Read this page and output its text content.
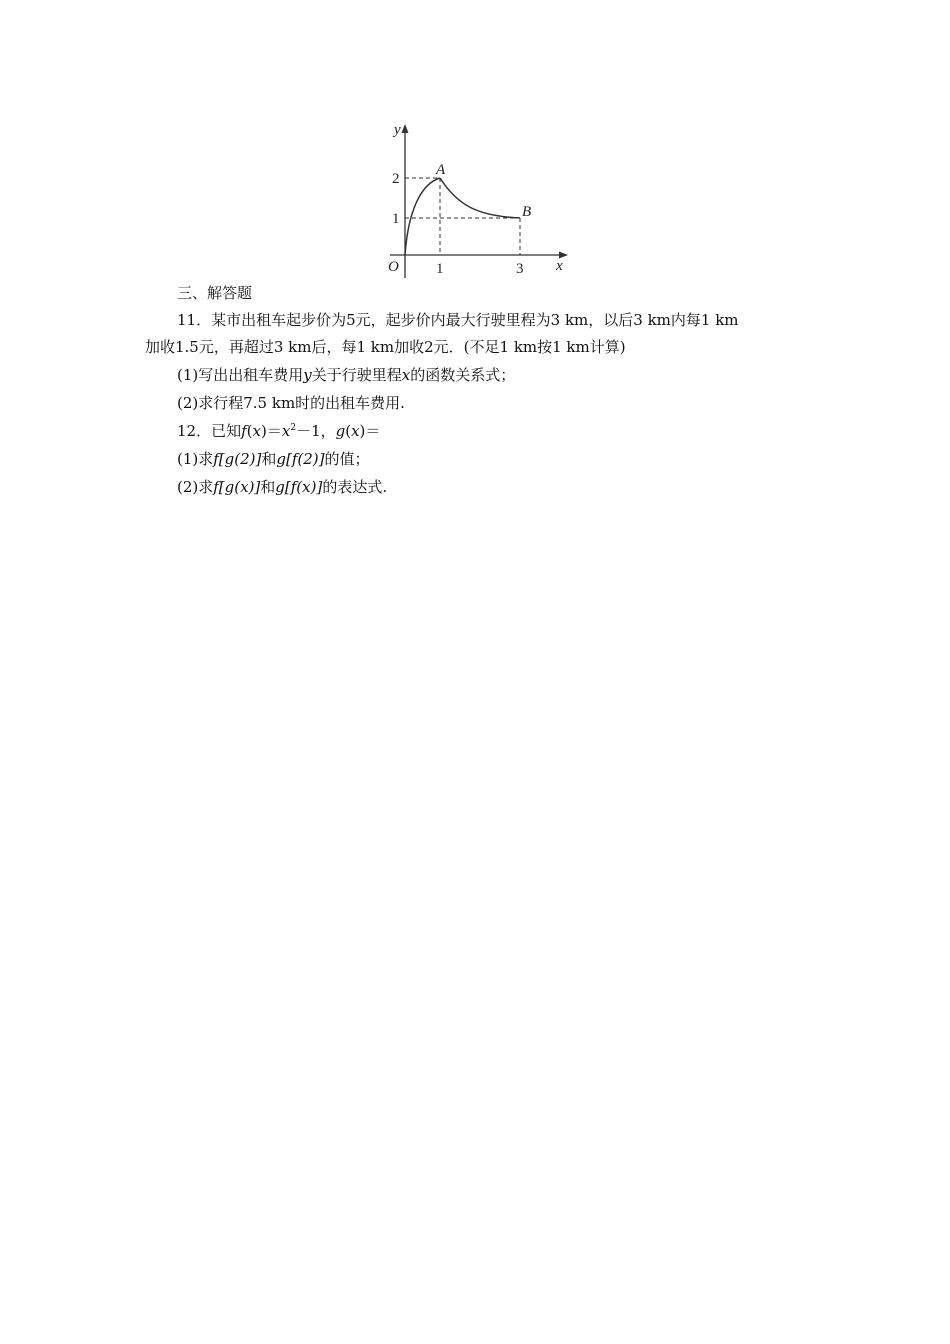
y
x
O
2
1
1	3
A
B
三、解答题
11．某市出租车起步价为5元，起步价内最大行驶里程为3 km，以后3 km内每1 km
加收1.5元，再超过3 km后，每1 km加收2元．(不足1 km按1 km计算)
(1)写出出租车费用y关于行驶里程x的函数关系式；
(2)求行程7.5 km时的出租车费用.
12．已知$f(x)=x^2-1$，g(x)＝
(1)求f[g(2)]和g[f(2)]的值；
(2)求f[g(x)]和g[f(x)]的表达式.
